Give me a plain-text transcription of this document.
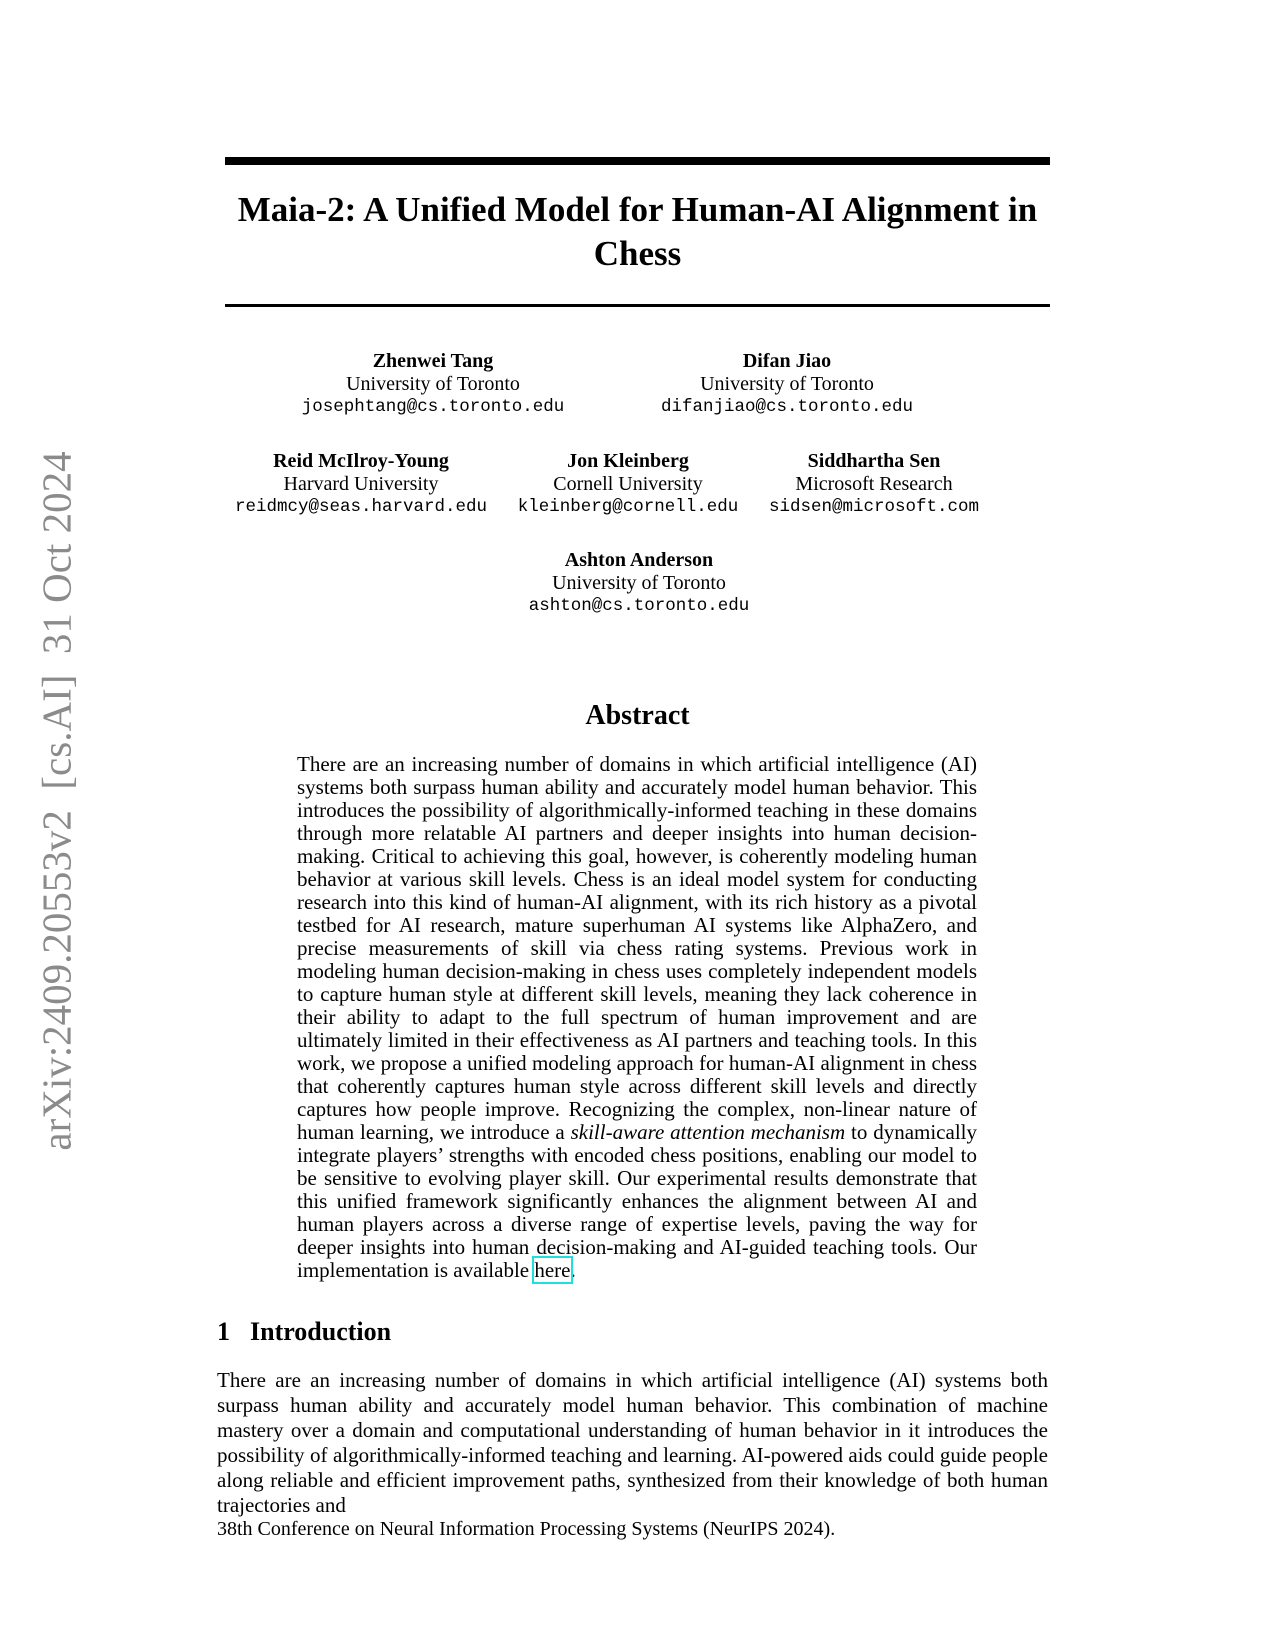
arXiv:2409.20553v2  [cs.AI]  31 Oct 2024
Maia-2: A Unified Model for Human-AI Alignment in
Chess
Zhenwei Tang
University of Toronto
josephtang@cs.toronto.edu
Difan Jiao
University of Toronto
difanjiao@cs.toronto.edu
Reid McIlroy-Young
Harvard University
reidmcy@seas.harvard.edu
Jon Kleinberg
Cornell University
kleinberg@cornell.edu
Siddhartha Sen
Microsoft Research
sidsen@microsoft.com
Ashton Anderson
University of Toronto
ashton@cs.toronto.edu
Abstract

There are an increasing number of domains in which artificial intelligence (AI) systems both surpass human ability and accurately model human behavior. This introduces the possibility of algorithmically-informed teaching in these domains through more relatable AI partners and deeper insights into human decision-making. Critical to achieving this goal, however, is coherently modeling human behavior at various skill levels. Chess is an ideal model system for conducting research into this kind of human-AI alignment, with its rich history as a pivotal testbed for AI research, mature superhuman AI systems like AlphaZero, and precise measurements of skill via chess rating systems. Previous work in modeling human decision-making in chess uses completely independent models to capture human style at different skill levels, meaning they lack coherence in their ability to adapt to the full spectrum of human improvement and are ultimately limited in their effectiveness as AI partners and teaching tools. In this work, we propose a unified modeling approach for human-AI alignment in chess that coherently captures human style across different skill levels and directly captures how people improve. Recognizing the complex, non-linear nature of human learning, we introduce a skill-aware attention mechanism to dynamically integrate players’ strengths with encoded chess positions, enabling our model to be sensitive to evolving player skill. Our experimental results demonstrate that this unified framework significantly enhances the alignment between AI and human players across a diverse range of expertise levels, paving the way for deeper insights into human decision-making and AI-guided teaching tools. Our implementation is available here.

1 Introduction

There are an increasing number of domains in which artificial intelligence (AI) systems both surpass human ability and accurately model human behavior. This combination of machine mastery over a domain and computational understanding of human behavior in it introduces the possibility of algorithmically-informed teaching and learning. AI-powered aids could guide people along reliable and efficient improvement paths, synthesized from their knowledge of both human trajectories and

38th Conference on Neural Information Processing Systems (NeurIPS 2024).
